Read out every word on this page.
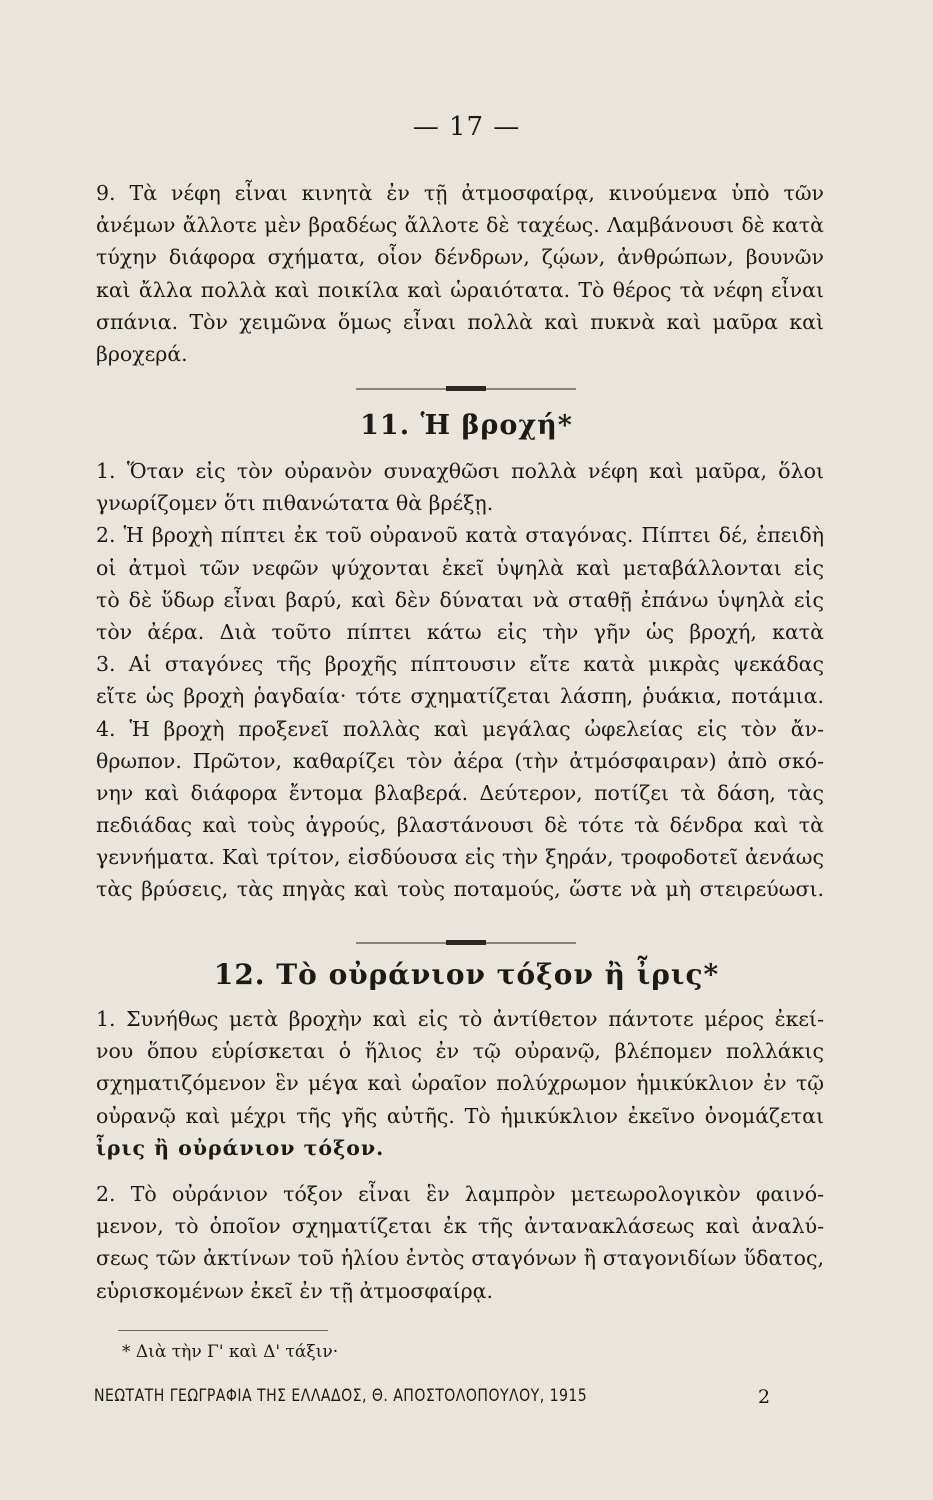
— 17 —
9. Τὰ νέφη εἶναι κινητὰ ἐν τῇ ἀτμοσφαίρᾳ, κινούμενα ὑπὸ τῶν
ἀνέμων ἄλλοτε μὲν βραδέως ἄλλοτε δὲ ταχέως. Λαμβάνουσι δὲ κατὰ
τύχην διάφορα σχήματα, οἷον δένδρων, ζῴων, ἀνθρώπων, βουνῶν
καὶ ἄλλα πολλὰ καὶ ποικίλα καὶ ὡραιότατα. Τὸ θέρος τὰ νέφη εἶναι
σπάνια. Τὸν χειμῶνα ὅμως εἶναι πολλὰ καὶ πυκνὰ καὶ μαῦρα καὶ
βροχερά.
11. Ἡ βροχή*
1. Ὅταν εἰς τὸν οὐρανὸν συναχθῶσι πολλὰ νέφη καὶ μαῦρα, ὅλοι
γνωρίζομεν ὅτι πιθανώτατα θὰ βρέξῃ.
2. Ἡ βροχὴ πίπτει ἐκ τοῦ οὐρανοῦ κατὰ σταγόνας. Πίπτει δέ, ἐπειδὴ
οἱ ἀτμοὶ τῶν νεφῶν ψύχονται ἐκεῖ ὑψηλὰ καὶ μεταβάλλονται εἰς
τὸ δὲ ὕδωρ εἶναι βαρύ, καὶ δὲν δύναται νὰ σταθῇ ἐπάνω ὑψηλὰ εἰς
τὸν ἀέρα. Διὰ τοῦτο πίπτει κάτω εἰς τὴν γῆν ὡς βροχή, κατὰ
3. Αἱ σταγόνες τῆς βροχῆς πίπτουσιν εἴτε κατὰ μικρὰς ψεκάδας
εἴτε ὡς βροχὴ ῥαγδαία· τότε σχηματίζεται λάσπη, ῥυάκια, ποτάμια.
4. Ἡ βροχὴ προξενεῖ πολλὰς καὶ μεγάλας ὠφελείας εἰς τὸν ἄν-
θρωπον. Πρῶτον, καθαρίζει τὸν ἀέρα (τὴν ἀτμόσφαιραν) ἀπὸ σκό-
νην καὶ διάφορα ἔντομα βλαβερά. Δεύτερον, ποτίζει τὰ δάση, τὰς
πεδιάδας καὶ τοὺς ἀγρούς, βλαστάνουσι δὲ τότε τὰ δένδρα καὶ τὰ
γεννήματα. Καὶ τρίτον, εἰσδύουσα εἰς τὴν ξηράν, τροφοδοτεῖ ἀενάως
τὰς βρύσεις, τὰς πηγὰς καὶ τοὺς ποταμούς, ὥστε νὰ μὴ στειρεύωσι.
12. Τὸ οὐράνιον τόξον ἢ ἶρις*
1. Συνήθως μετὰ βροχὴν καὶ εἰς τὸ ἀντίθετον πάντοτε μέρος ἐκεί-
νου ὅπου εὑρίσκεται ὁ ἥλιος ἐν τῷ οὐρανῷ, βλέπομεν πολλάκις
σχηματιζόμενον ἓν μέγα καὶ ὡραῖον πολύχρωμον ἡμικύκλιον ἐν τῷ
οὐρανῷ καὶ μέχρι τῆς γῆς αὐτῆς. Τὸ ἡμικύκλιον ἐκεῖνο ὀνομάζεται
ἶρις ἢ οὐράνιον τόξον.
2. Τὸ οὐράνιον τόξον εἶναι ἓν λαμπρὸν μετεωρολογικὸν φαινό-
μενον, τὸ ὁποῖον σχηματίζεται ἐκ τῆς ἀντανακλάσεως καὶ ἀναλύ-
σεως τῶν ἀκτίνων τοῦ ἡλίου ἐντὸς σταγόνων ἢ σταγονιδίων ὕδατος,
εὑρισκομένων ἐκεῖ ἐν τῇ ἀτμοσφαίρᾳ.
* Διὰ τὴν Γ' καὶ Δ' τάξιν·
ΝΕΩΤΑΤΗ ΓΕΩΓΡΑΦΙΑ ΤΗΣ ΕΛΛΑΔΟΣ, Θ. ΑΠΟΣΤΟΛΟΠΟΥΛΟΥ, 1915	2
